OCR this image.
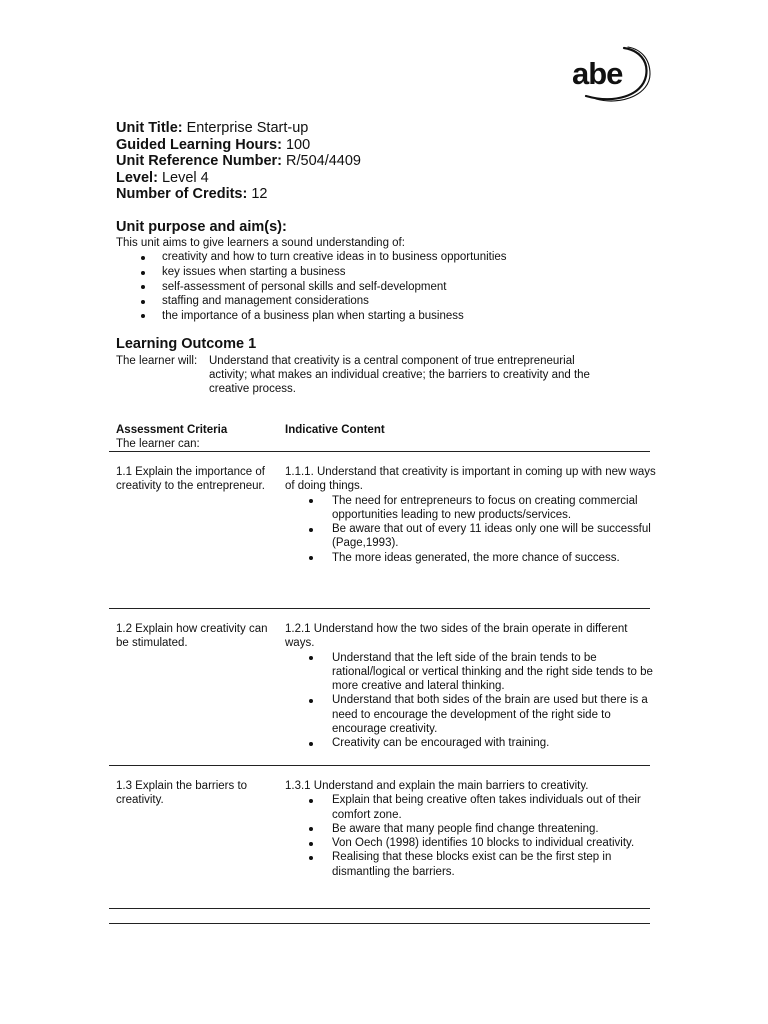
abe
Unit Title: Enterprise Start-up
Guided Learning Hours: 100
Unit Reference Number: R/504/4409
Level: Level 4
Number of Credits: 12
Unit purpose and aim(s):
This unit aims to give learners a sound understanding of:
creativity and how to turn creative ideas in to business opportunities
key issues when starting a business
self-assessment of personal skills and self-development
staffing and management considerations
the importance of a business plan when starting a business
Learning Outcome 1
The learner will:	Understand that creativity is a central component of true entrepreneurial
activity; what makes an individual creative; the barriers to creativity and the
creative process.
Assessment Criteria
The learner can:
Indicative Content
1.1 Explain the importance of creativity to the entrepreneur.
1.1.1. Understand that creativity is important in coming up with new ways of doing things.
The need for entrepreneurs to focus on creating commercial opportunities leading to new products/services.
Be aware that out of every 11 ideas only one will be successful (Page,1993).
The more ideas generated, the more chance of success.
1.2 Explain how creativity can be stimulated.
1.2.1 Understand how the two sides of the brain operate in different ways.
Understand that the left side of the brain tends to be rational/logical or vertical thinking and the right side tends to be more creative and lateral thinking.
Understand that both sides of the brain are used but there is a need to encourage the development of the right side to encourage creativity.
Creativity can be encouraged with training.
1.3 Explain the barriers to creativity.
1.3.1 Understand and explain the main barriers to creativity.
Explain that being creative often takes individuals out of their comfort zone.
Be aware that many people find change threatening.
Von Oech (1998) identifies 10 blocks to individual creativity.
Realising that these blocks exist can be the first step in dismantling the barriers.
